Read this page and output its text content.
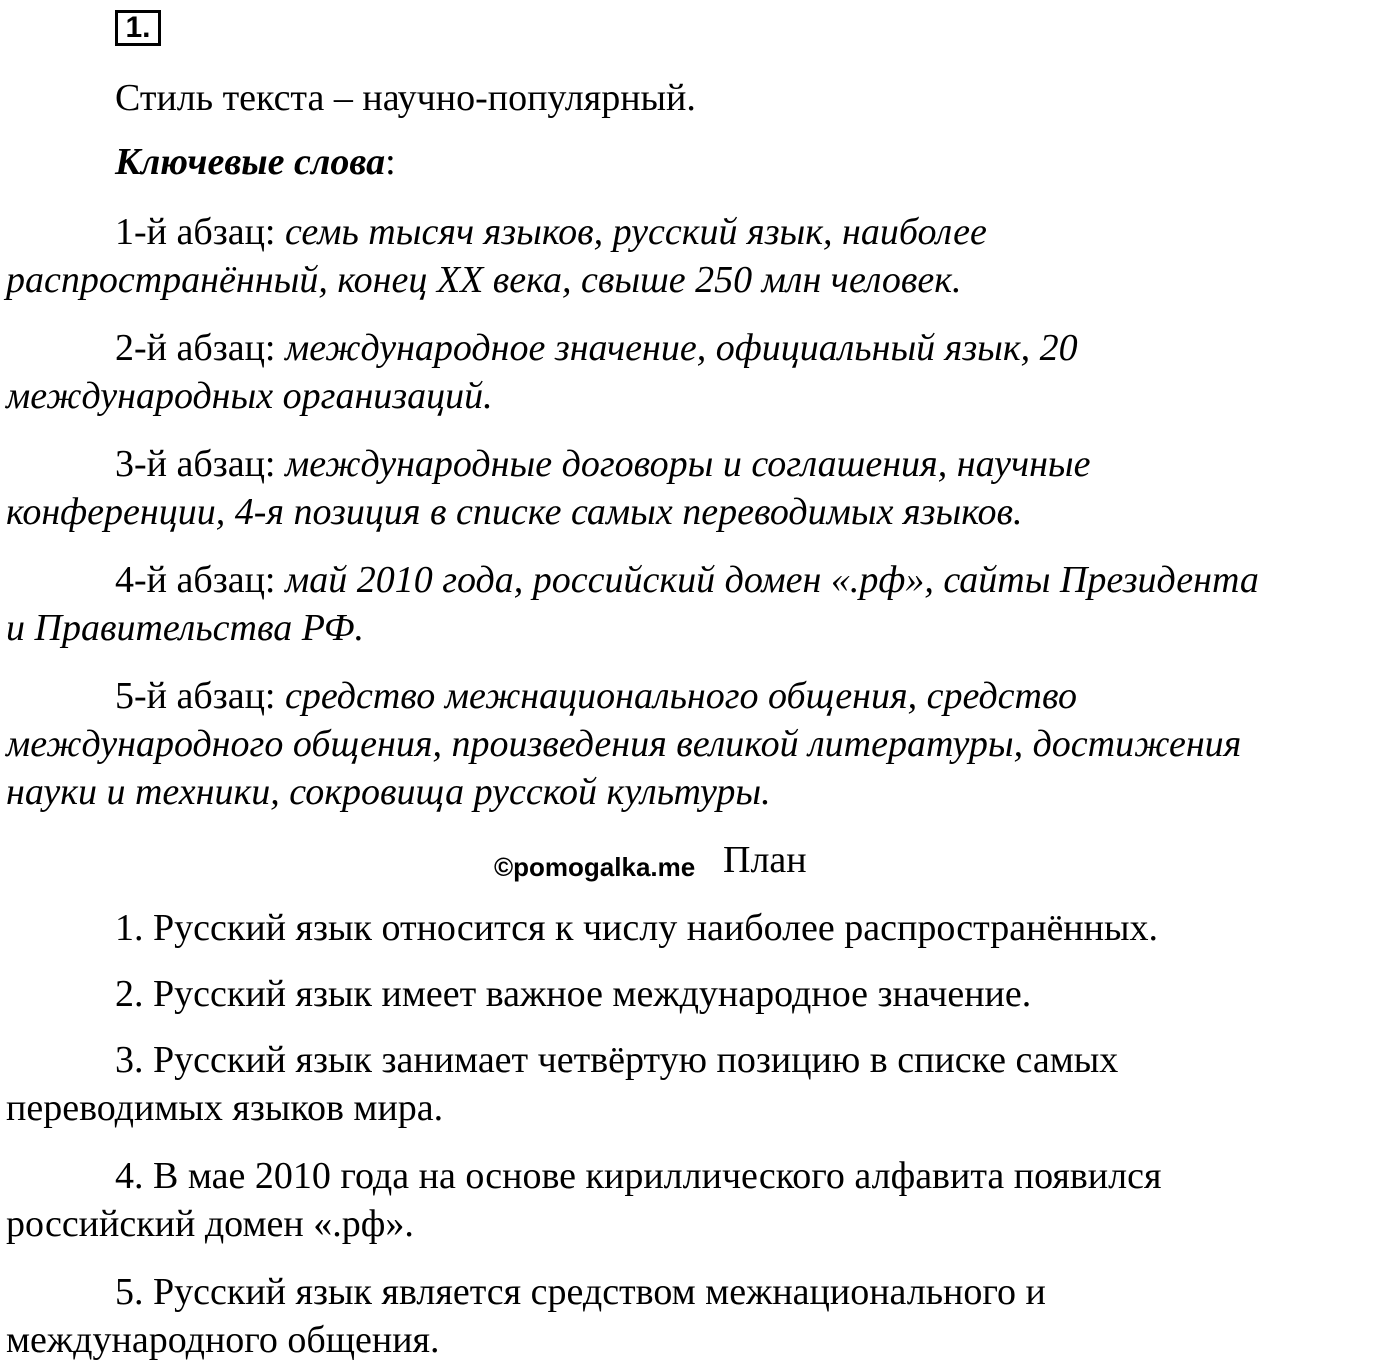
1.

Стиль текста – научно-популярный.

Ключевые слова:

1-й абзац: семь тысяч языков, русский язык, наиболее
распространённый, конец XX века, свыше 250 млн человек.

2-й абзац: международное значение, официальный язык, 20
международных организаций.

3-й абзац: международные договоры и соглашения, научные
конференции, 4-я позиция в списке самых переводимых языков.

4-й абзац: май 2010 года, российский домен «.рф», сайты Президента
и Правительства РФ.

5-й абзац: средство межнационального общения, средство
международного общения, произведения великой литературы, достижения
науки и техники, сокровища русской культуры.

©pomogalka.me План

1. Русский язык относится к числу наиболее распространённых.

2. Русский язык имеет важное международное значение.

3. Русский язык занимает четвёртую позицию в списке самых
переводимых языков мира.

4. В мае 2010 года на основе кириллического алфавита появился
российский домен «.рф».

5. Русский язык является средством межнационального и
международного общения.
